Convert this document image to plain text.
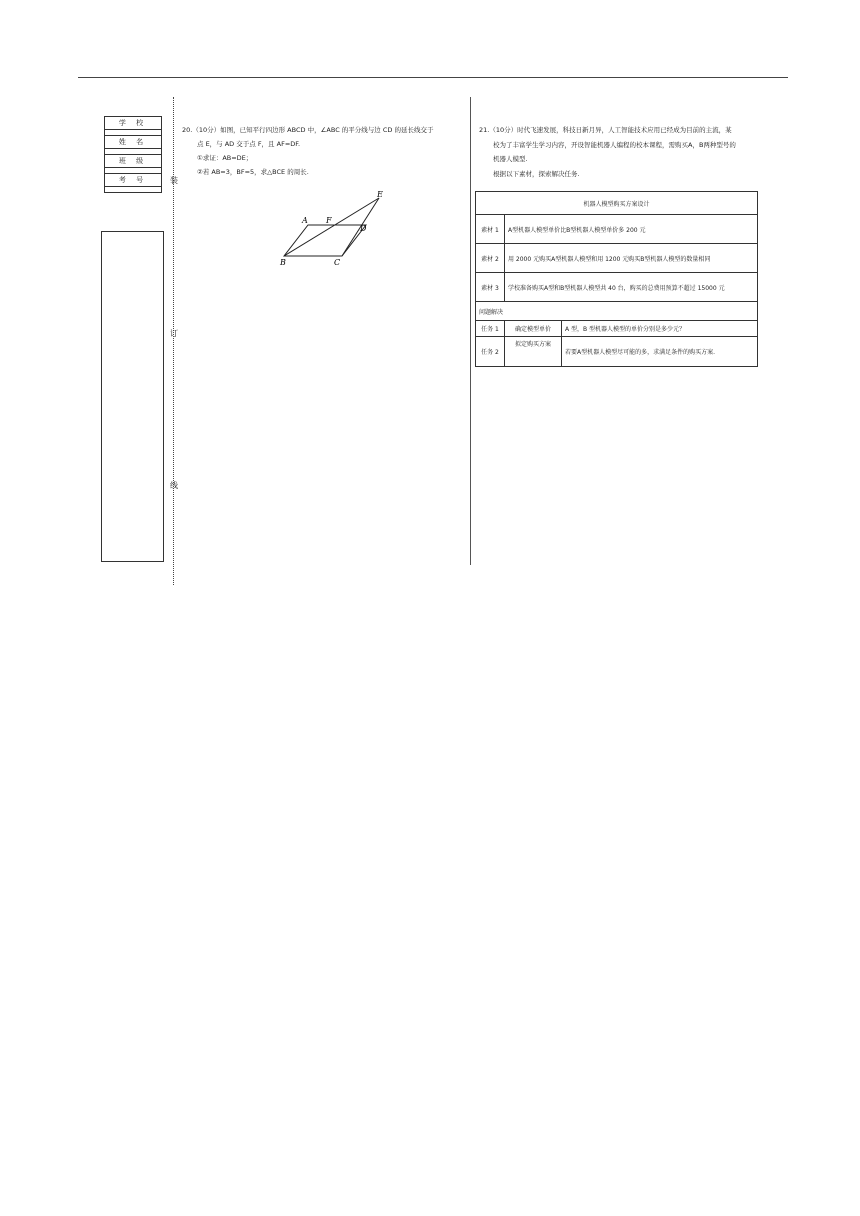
学 校

姓 名

班 级

考 号	装
订
线

20.（10分）如图，已知平行四边形 ABCD 中，∠ABC 的平分线与边 CD 的延长线交于

点 E，与 AD 交于点 F，且 AF=DF.

①求证：AB=DE；

②若 AB=3，BF=5，求△BCE 的周长.

E
A F
D
B	C

21.（10分）时代飞速发展，科技日新月异，人工智能技术应用已经成为目前的主流，某

校为了丰富学生学习内容，开设智能机器人编程的校本课程，需购买A，B两种型号的

机器人模型.

根据以下素材，探索解决任务.

机器人模型购买方案设计		
素材 1	A型机器人模型单价比B型机器人模型单价多 200 元	
素材 2	用 2000 元购买A型机器人模型和用 1200 元购买B型机器人模型的数量相同	
素材 3	学校准备购买A型和B型机器人模型共 40 台，购买的总费用预算不超过 15000 元	
问题解决		
任务 1	确定模型单价	A 型，B 型机器人模型的单价分别是多少元？
任务 2	拟定购买方案	若要A型机器人模型尽可能的多，求满足条件的购买方案.
